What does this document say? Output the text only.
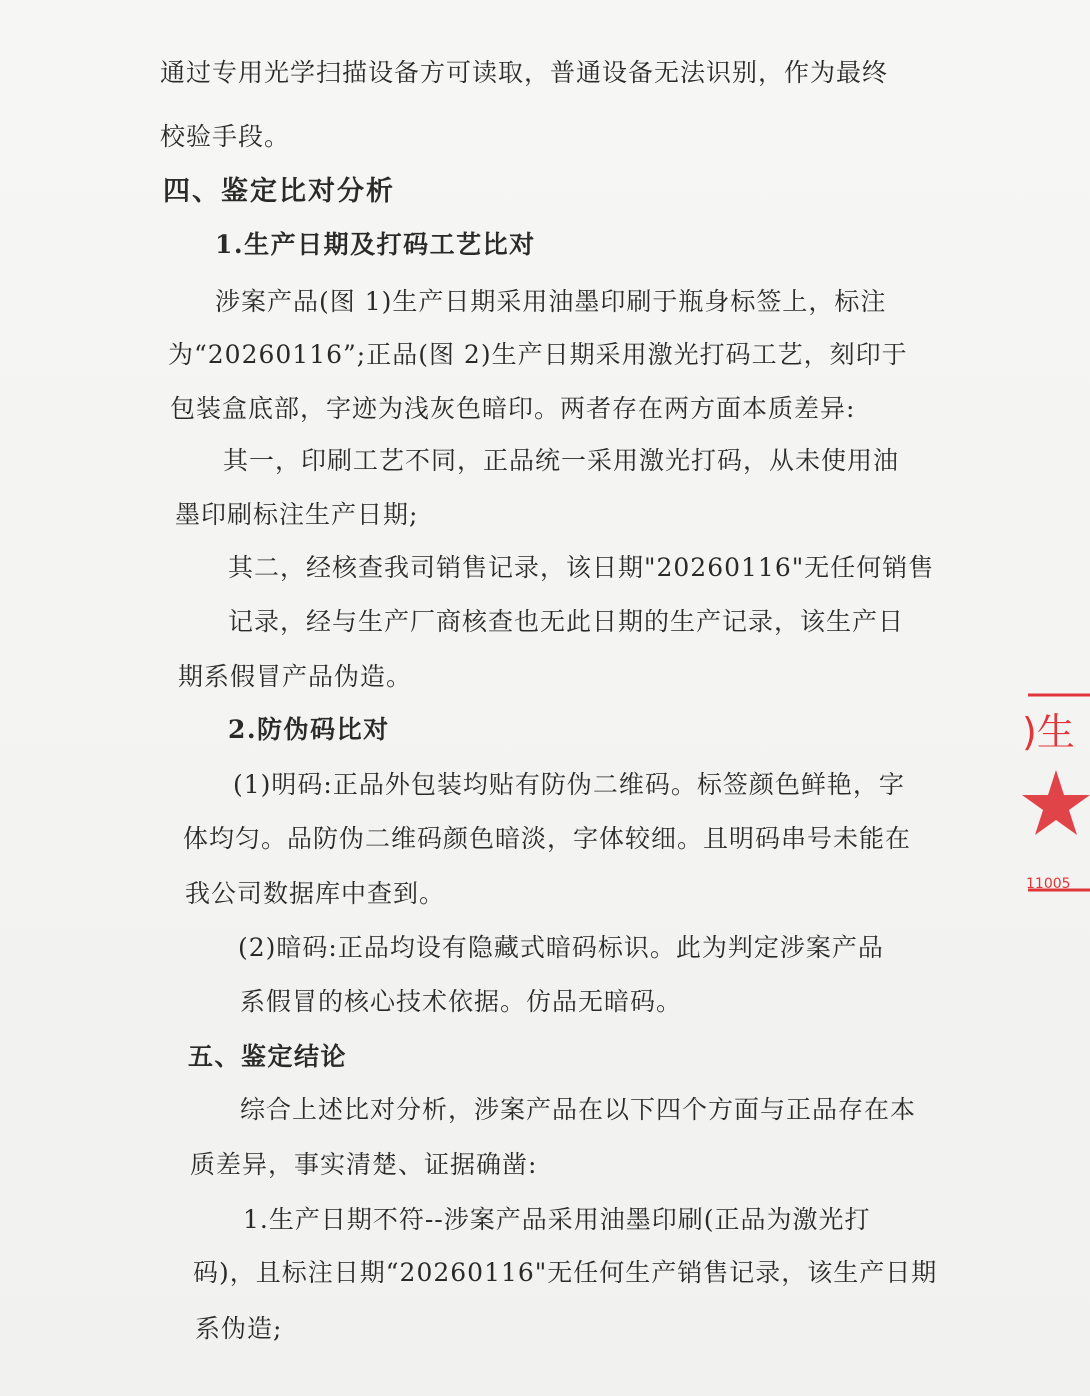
通过专用光学扫描设备方可读取，普通设备无法识别，作为最终
校验手段。
四、鉴定比对分析
1.生产日期及打码工艺比对
涉案产品(图 1)生产日期采用油墨印刷于瓶身标签上，标注
为“20260116”;正品(图 2)生产日期采用激光打码工艺，刻印于
包装盒底部，字迹为浅灰色暗印。两者存在两方面本质差异:
其一，印刷工艺不同，正品统一采用激光打码，从未使用油
墨印刷标注生产日期;
其二，经核查我司销售记录，该日期"20260116"无任何销售
记录，经与生产厂商核查也无此日期的生产记录，该生产日
期系假冒产品伪造。
2.防伪码比对
(1)明码:正品外包装均贴有防伪二维码。标签颜色鲜艳，字
体均匀。品防伪二维码颜色暗淡，字体较细。且明码串号未能在
我公司数据库中查到。
(2)暗码:正品均设有隐藏式暗码标识。此为判定涉案产品
系假冒的核心技术依据。仿品无暗码。
五、鉴定结论
综合上述比对分析，涉案产品在以下四个方面与正品存在本
质差异，事实清楚、证据确凿:
1.生产日期不符--涉案产品采用油墨印刷(正品为激光打
码)，且标注日期“20260116"无任何生产销售记录，该生产日期
系伪造;
)生
11005
